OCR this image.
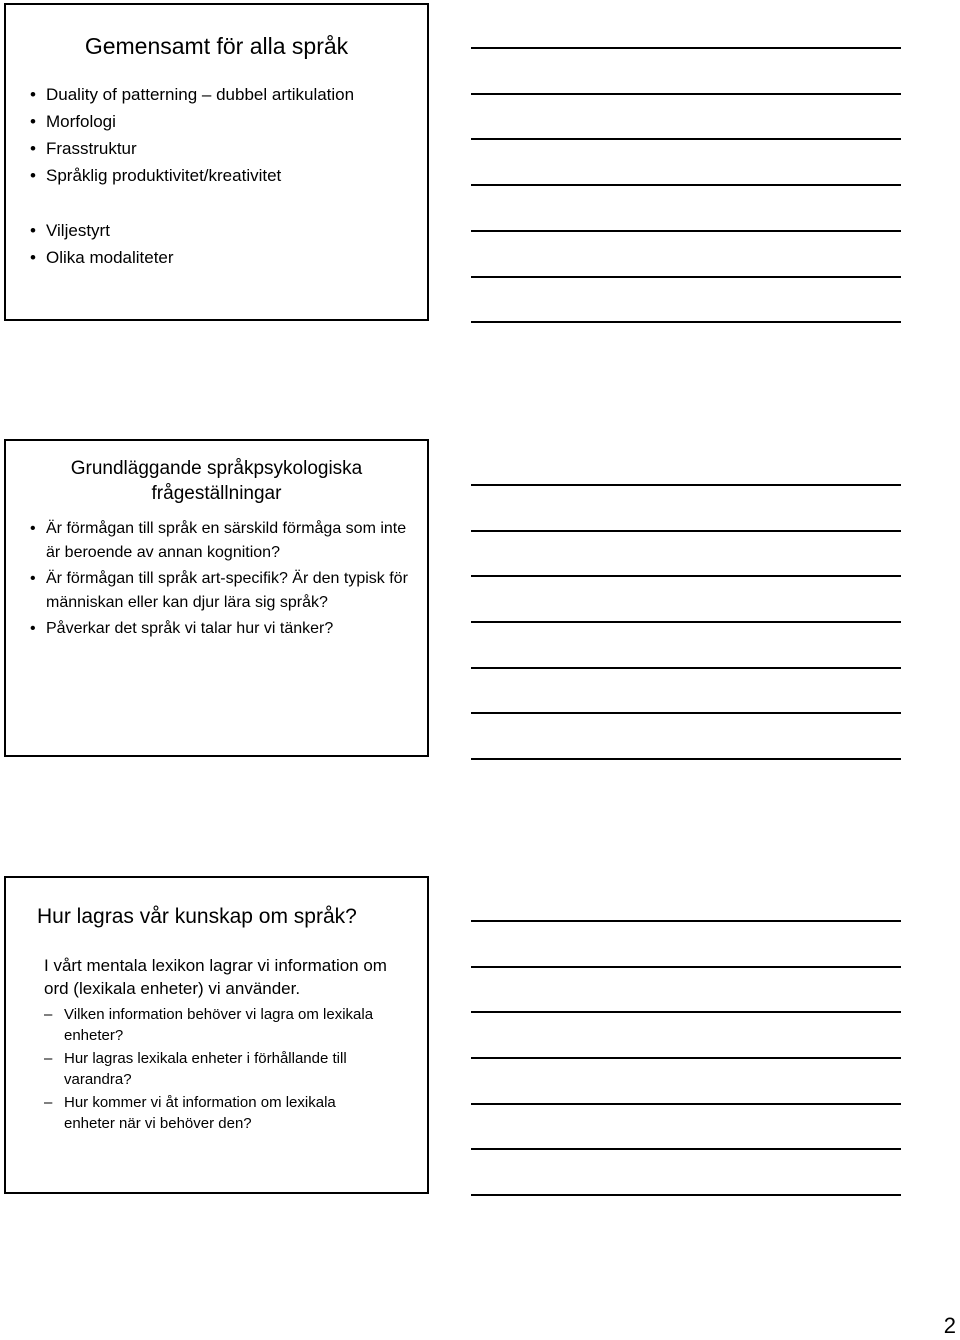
Gemensamt för alla språk
• Duality of patterning – dubbel artikulation
• Morfologi
• Frasstruktur
• Språklig produktivitet/kreativitet
• Viljestyrt
• Olika modaliteter
Grundläggande språkpsykologiska
frågeställningar
• Är förmågan till språk en särskild förmåga som inte är beroende av annan kognition?
• Är förmågan till språk art-specifik? Är den typisk för människan eller kan djur lära sig språk?
• Påverkar det språk vi talar hur vi tänker?
Hur lagras vår kunskap om språk?

I vårt mentala lexikon lagrar vi information om ord (lexikala enheter) vi använder.

– Vilken information behöver vi lagra om lexikala enheter?
– Hur lagras lexikala enheter i förhållande till varandra?
– Hur kommer vi åt information om lexikala enheter när vi behöver den?
2
